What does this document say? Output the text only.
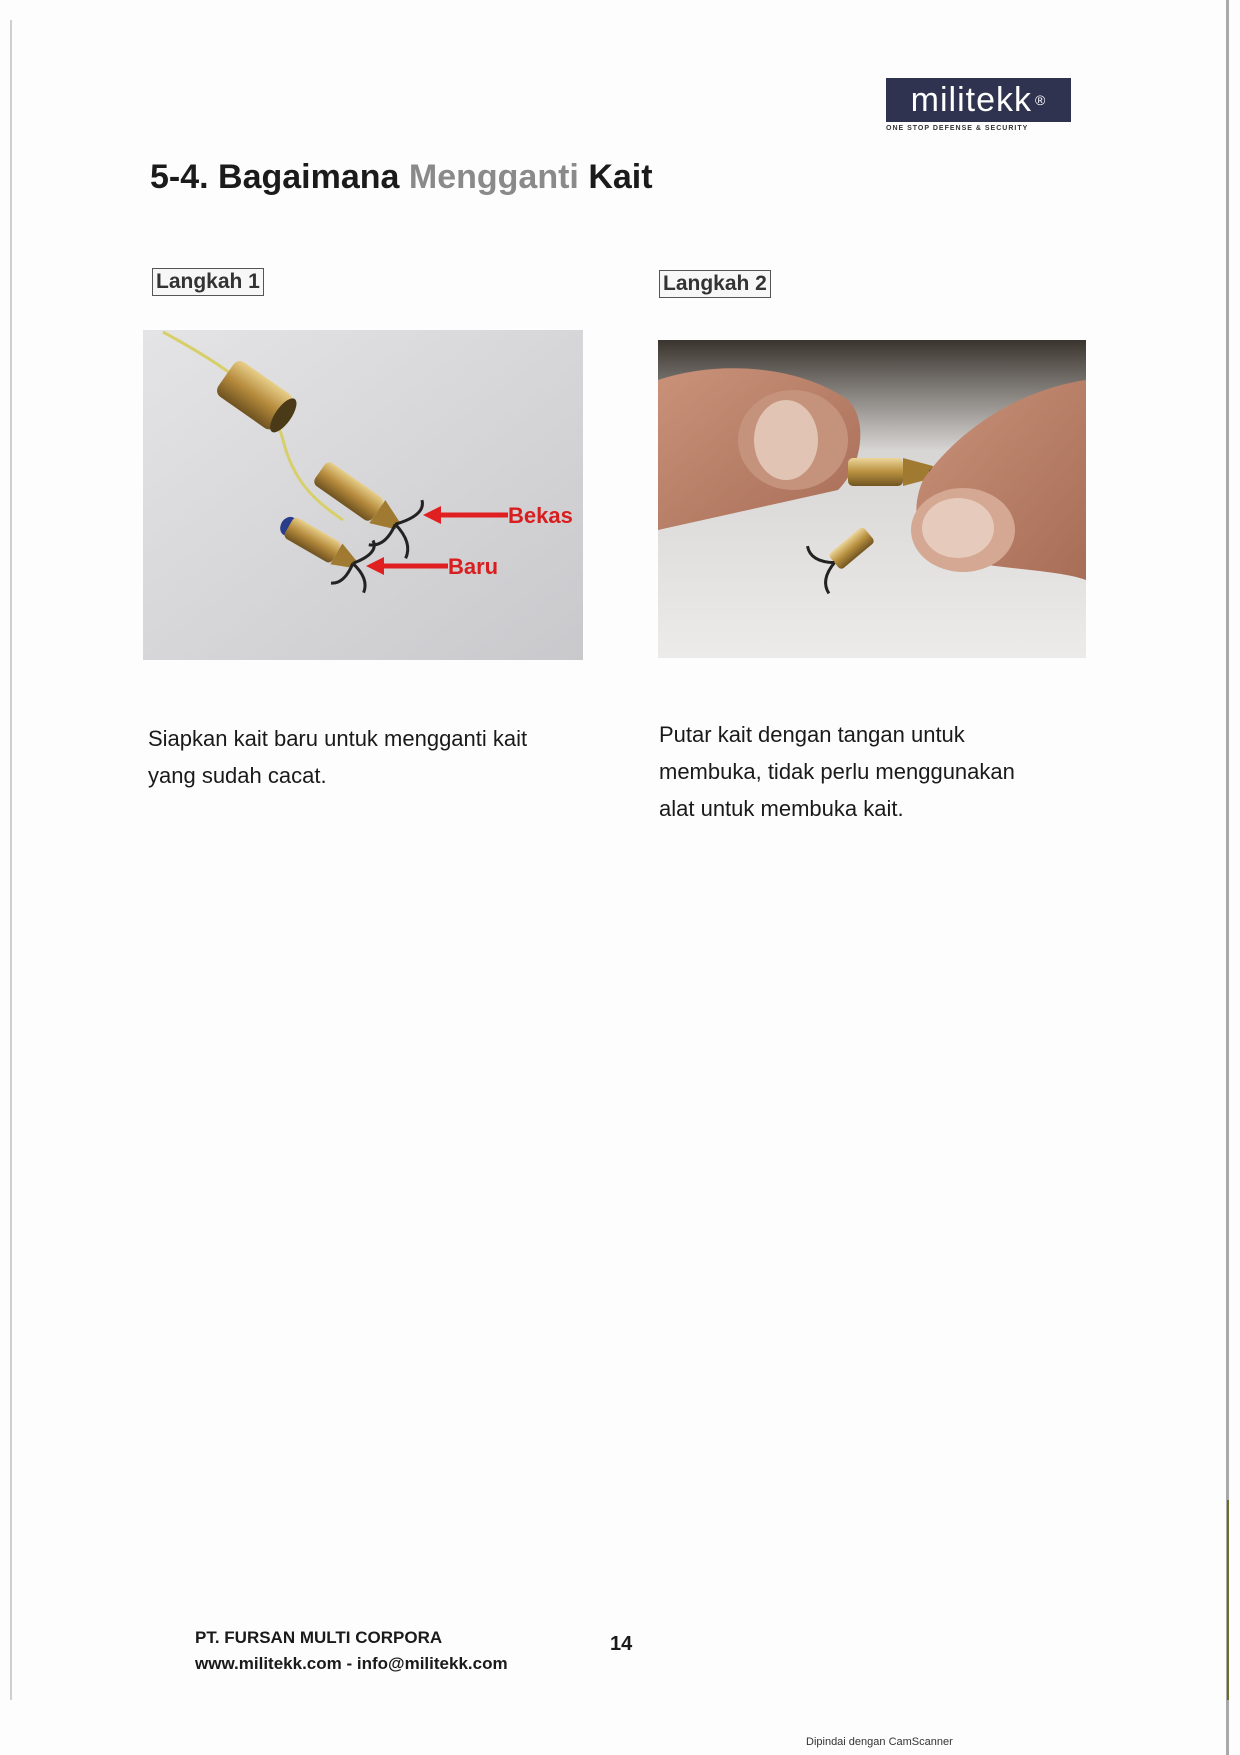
militekk ®
ONE STOP DEFENSE & SECURITY
5-4. Bagaimana Mengganti Kait
Langkah 1
Bekas
Baru
Siapkan kait baru untuk mengganti kait
yang sudah cacat.
Langkah 2
Putar kait dengan tangan untuk
membuka, tidak perlu menggunakan
alat untuk membuka kait.
PT. FURSAN MULTI CORPORA
www.militekk.com - info@militekk.com
14
Dipindai dengan CamScanner
